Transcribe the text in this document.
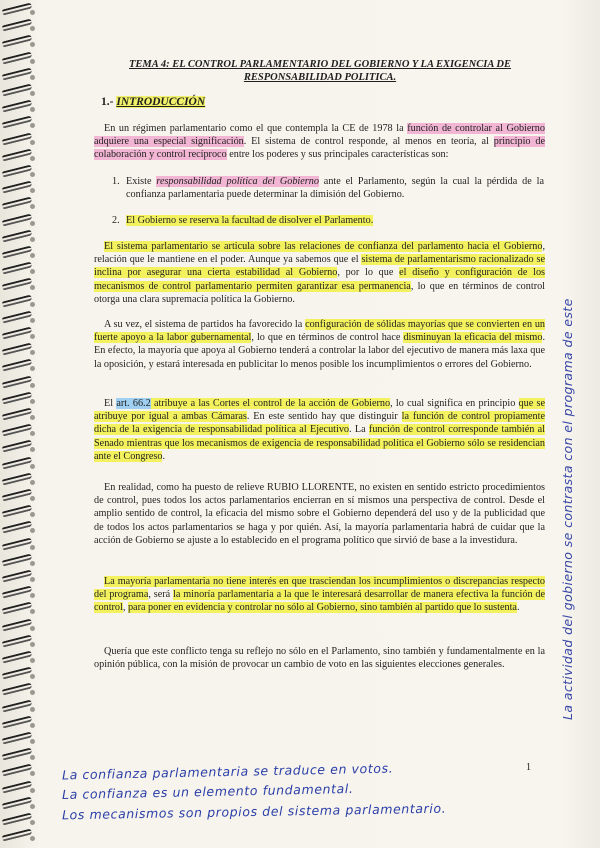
TEMA 4: EL CONTROL PARLAMENTARIO DEL GOBIERNO Y LA EXIGENCIA DE

RESPONSABILIDAD POLITICA.

1.- INTRODUCCIÓN

En un régimen parlamentario como el que contempla la CE de 1978 la función de controlar al Gobierno adquiere una especial significación. El sistema de control responde, al menos en teoría, al principio de colaboración y control recíproco entre los poderes y sus principales características son:

1. Existe responsabilidad política del Gobierno ante el Parlamento, según la cual la pérdida de la confianza parlamentaria puede determinar la dimisión del Gobierno.

2. El Gobierno se reserva la facultad de disolver el Parlamento.

El sistema parlamentario se articula sobre las relaciones de confianza del parlamento hacia el Gobierno, relación que le mantiene en el poder. Aunque ya sabemos que el sistema de parlamentarismo racionalizado se inclina por asegurar una cierta estabilidad al Gobierno, por lo que el diseño y configuración de los mecanismos de control parlamentario permiten garantizar esa permanencia, lo que en términos de control otorga una clara supremacía política la Gobierno.

A su vez, el sistema de partidos ha favorecido la configuración de sólidas mayorías que se convierten en un fuerte apoyo a la labor gubernamental, lo que en términos de control hace disminuyan la eficacia del mismo. En efecto, la mayoría que apoya al Gobierno tenderá a controlar la labor del ejecutivo de manera más laxa que la oposición, y estará interesada en publicitar lo menos posible los incumplimientos o errores del Gobierno.

El art. 66.2 atribuye a las Cortes el control de la acción de Gobierno, lo cual significa en principio que se atribuye por igual a ambas Cámaras. En este sentido hay que distinguir la función de control propiamente dicha de la exigencia de responsabilidad política al Ejecutivo. La función de control corresponde también al Senado mientras que los mecanismos de exigencia de responsabilidad política el Gobierno sólo se residencian ante el Congreso.

En realidad, como ha puesto de relieve RUBIO LLORENTE, no existen en sentido estricto procedimientos de control, pues todos los actos parlamentarios encierran en sí mismos una perspectiva de control. Desde el amplio sentido de control, la eficacia del mismo sobre el Gobierno dependerá del uso y de la publicidad que de todos los actos parlamentarios se haga y por quién. Así, la mayoría parlamentaria habrá de cuidar que la acción de Gobierno se ajuste a lo establecido en el programa político que sirvió de base a la investidura.

La mayoría parlamentaria no tiene interés en que trasciendan los incumplimientos o discrepancias respecto del programa, será la minoría parlamentaria a la que le interesará desarrollar de manera efectiva la función de control, para poner en evidencia y controlar no sólo al Gobierno, sino también al partido que lo sustenta.

Quería que este conflicto tenga su reflejo no sólo en el Parlamento, sino también y fundamentalmente en la opinión pública, con la misión de provocar un cambio de voto en las siguientes elecciones generales.

1
La confianza parlamentaria se traduce en votos.
La confianza es un elemento fundamental.
Los mecanismos son propios del sistema parlamentario.
La actividad del gobierno se contrasta con el programa de este
